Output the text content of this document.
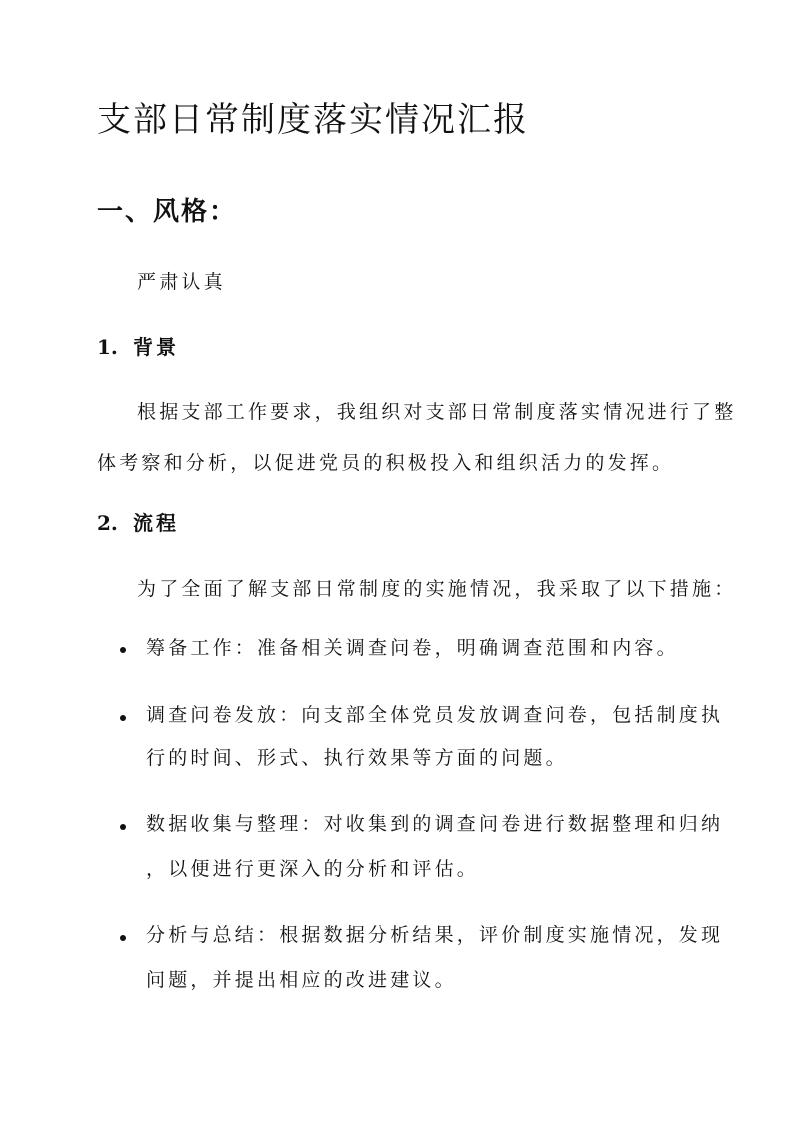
支部日常制度落实情况汇报
一、风格：
严肃认真
1. 背景
根据支部工作要求，我组织对支部日常制度落实情况进行了整
体考察和分析，以促进党员的积极投入和组织活力的发挥。
2. 流程
为了全面了解支部日常制度的实施情况，我采取了以下措施：
筹备工作：准备相关调查问卷，明确调查范围和内容。
调查问卷发放：向支部全体党员发放调查问卷，包括制度执
行的时间、形式、执行效果等方面的问题。
数据收集与整理：对收集到的调查问卷进行数据整理和归纳
，以便进行更深入的分析和评估。
分析与总结：根据数据分析结果，评价制度实施情况，发现
问题，并提出相应的改进建议。
